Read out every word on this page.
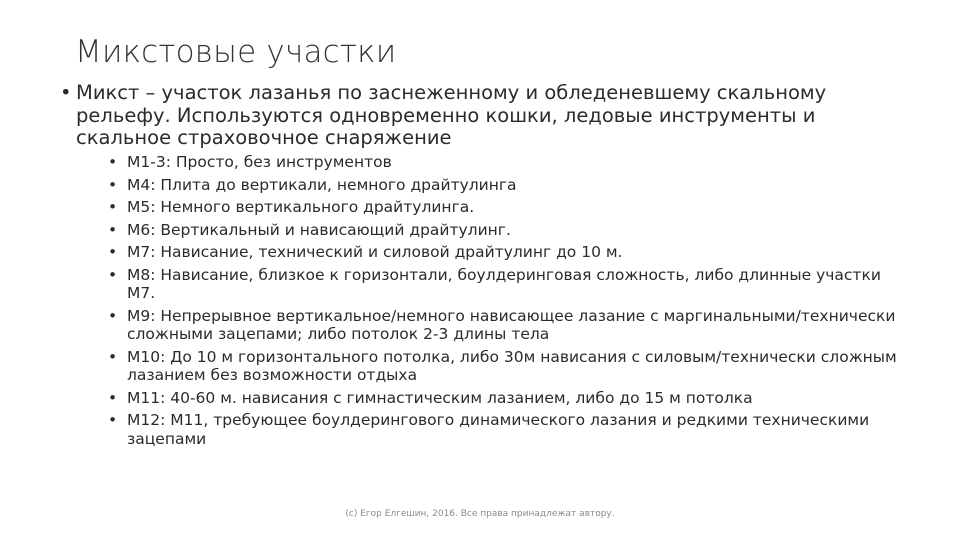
Микстовые участки
• Микст – участок лазанья по заснеженному и обледеневшему скальному рельефу. Используются одновременно кошки, ледовые инструменты и скальное страховочное снаряжение
• M1-3: Просто, без инструментов
• M4: Плита до вертикали, немного драйтулинга
• M5: Немного вертикального драйтулинга.
• M6: Вертикальный и нависающий драйтулинг.
• M7: Нависание, технический и силовой драйтулинг до 10 м.
• M8: Нависание, близкое к горизонтали, боулдеринговая сложность, либо длинные участки М7.
• M9: Непрерывное вертикальное/немного нависающее лазание с маргинальными/технически сложными зацепами; либо потолок 2-3 длины тела
• M10: До 10 м горизонтального потолка, либо 30м нависания с силовым/технически сложным лазанием без возможности отдыха
• M11: 40-60 м. нависания с гимнастическим лазанием, либо до 15 м потолка
• M12: M11, требующее боулдерингового динамического лазания и редкими техническими зацепами
(c) Егор Елгешин, 2016. Все права принадлежат автору.
